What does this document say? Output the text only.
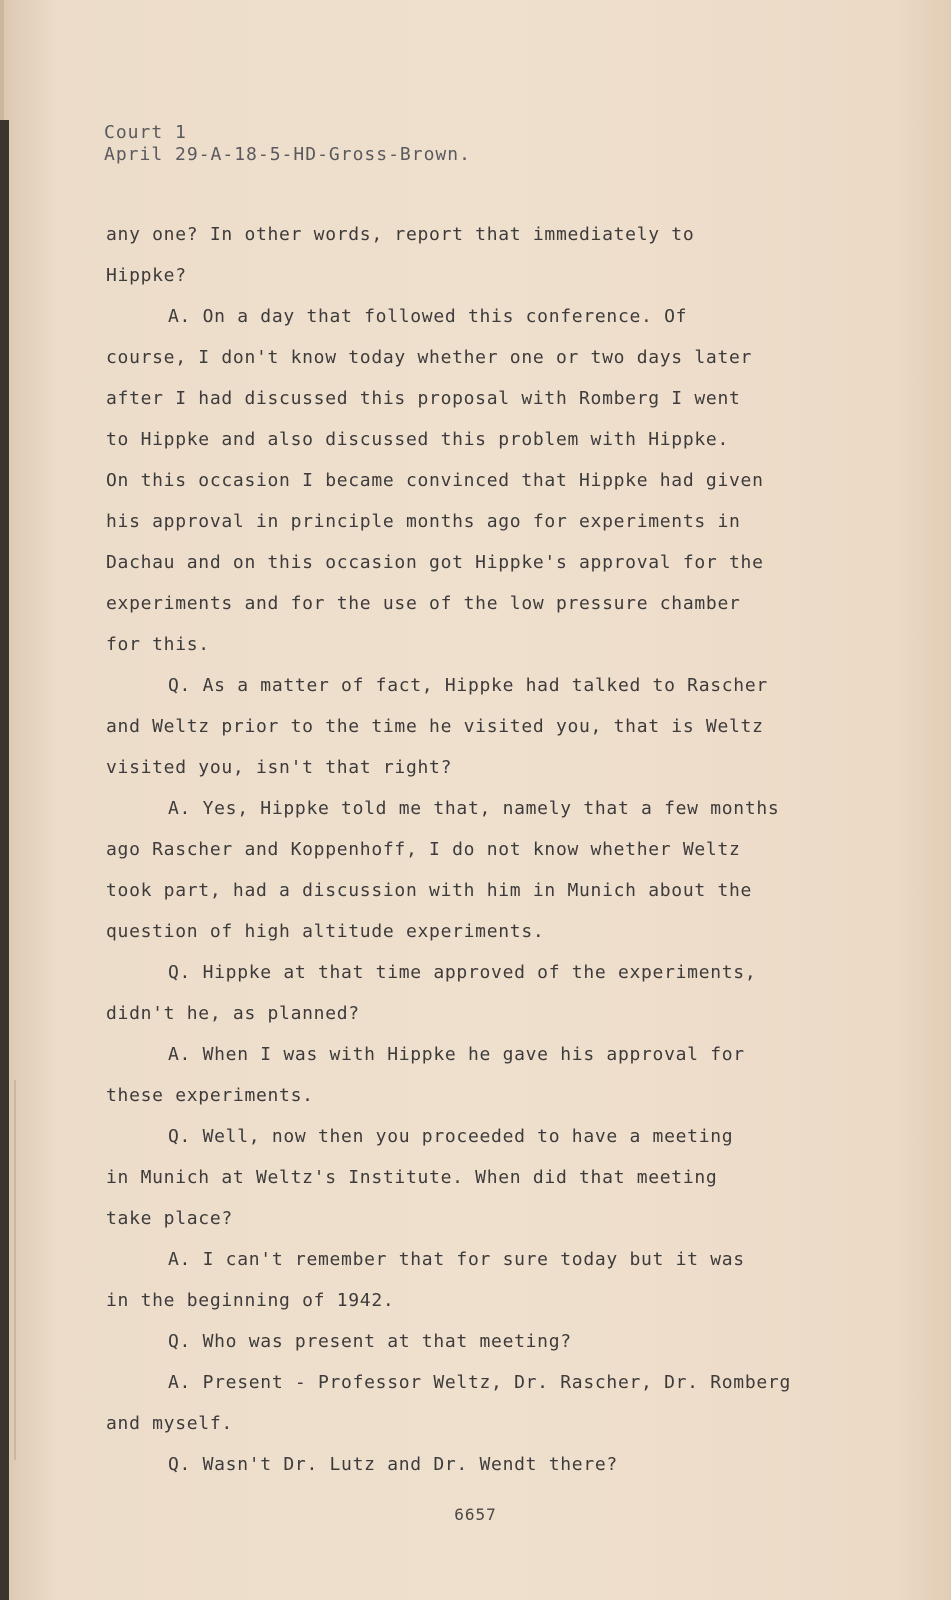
Court 1
April 29-A-18-5-HD-Gross-Brown.

any one? In other words, report that immediately to

Hippke?

A. On a day that followed this conference. Of

course, I don't know today whether one or two days later

after I had discussed this proposal with Romberg I went

to Hippke and also discussed this problem with Hippke.

On this occasion I became convinced that Hippke had given

his approval in principle months ago for experiments in

Dachau and on this occasion got Hippke's approval for the

experiments and for the use of the low pressure chamber

for this.

Q. As a matter of fact, Hippke had talked to Rascher

and Weltz prior to the time he visited you, that is Weltz

visited you, isn't that right?

A. Yes, Hippke told me that, namely that a few months

ago Rascher and Koppenhoff, I do not know whether Weltz

took part, had a discussion with him in Munich about the

question of high altitude experiments.

Q. Hippke at that time approved of the experiments,

didn't he, as planned?

A. When I was with Hippke he gave his approval for

these experiments.

Q. Well, now then you proceeded to have a meeting

in Munich at Weltz's Institute. When did that meeting

take place?

A. I can't remember that for sure today but it was

in the beginning of 1942.

Q. Who was present at that meeting?

A. Present - Professor Weltz, Dr. Rascher, Dr. Romberg

and myself.

Q. Wasn't Dr. Lutz and Dr. Wendt there?

6657
